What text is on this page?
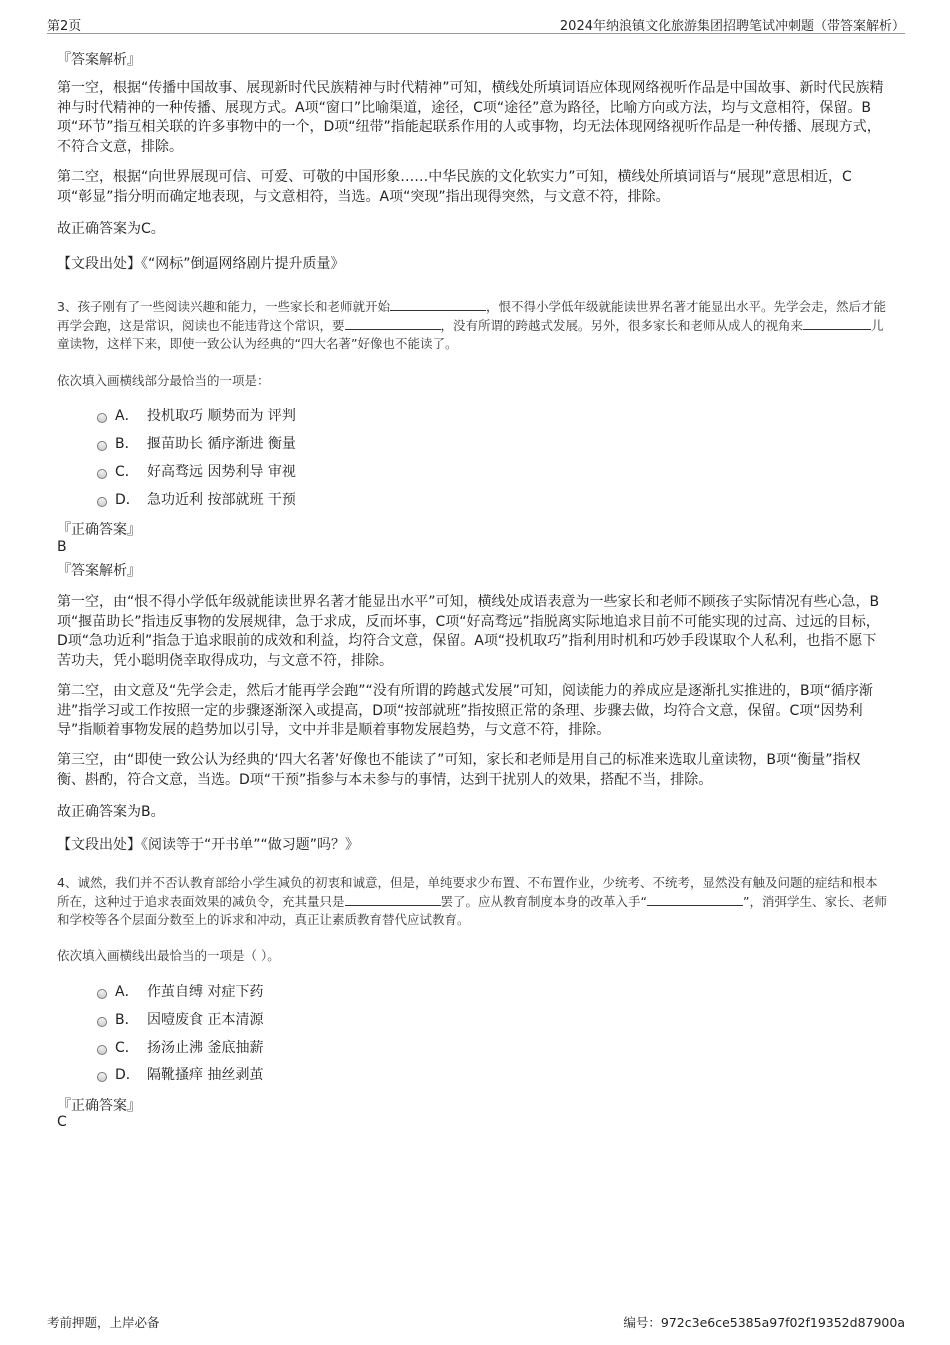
第2页	2024年纳浪镇文化旅游集团招聘笔试冲刺题（带答案解析）
『答案解析』
第一空，根据“传播中国故事、展现新时代民族精神与时代精神”可知，横线处所填词语应体现网络视听作品是中国故事、新时代民族精神与时代精神的一种传播、展现方式。A项“窗口”比喻渠道，途径，C项“途径”意为路径，比喻方向或方法，均与文意相符，保留。B项“环节”指互相关联的许多事物中的一个，D项“纽带”指能起联系作用的人或事物，均无法体现网络视听作品是一种传播、展现方式，不符合文意，排除。
第二空，根据“向世界展现可信、可爱、可敬的中国形象……中华民族的文化软实力”可知，横线处所填词语与“展现”意思相近，C项“彰显”指分明而确定地表现，与文意相符，当选。A项“突现”指出现得突然，与文意不符，排除。
故正确答案为C。
【文段出处】《“网标”倒逼网络剧片提升质量》
3、孩子刚有了一些阅读兴趣和能力，一些家长和老师就开始	，恨不得小学低年级就能读世界名著才能显出水平。先学会走，然后才能再学会跑，这是常识，阅读也不能违背这个常识，要	，没有所谓的跨越式发展。另外，很多家长和老师从成人的视角来	儿童读物，这样下来，即使一致公认为经典的“四大名著”好像也不能读了。
依次填入画横线部分最恰当的一项是：
A． 投机取巧 顺势而为 评判
B． 揠苗助长 循序渐进 衡量
C． 好高骛远 因势利导 审视
D． 急功近利 按部就班 干预
『正确答案』
B
『答案解析』
第一空，由“恨不得小学低年级就能读世界名著才能显出水平”可知，横线处成语表意为一些家长和老师不顾孩子实际情况有些心急，B项“揠苗助长”指违反事物的发展规律，急于求成，反而坏事，C项“好高骛远”指脱离实际地追求目前不可能实现的过高、过远的目标，D项“急功近利”指急于追求眼前的成效和利益，均符合文意，保留。A项“投机取巧”指利用时机和巧妙手段谋取个人私利，也指不愿下苦功夫，凭小聪明侥幸取得成功，与文意不符，排除。
第二空，由文意及“先学会走，然后才能再学会跑”“没有所谓的跨越式发展”可知，阅读能力的养成应是逐渐扎实推进的，B项“循序渐进”指学习或工作按照一定的步骤逐渐深入或提高，D项“按部就班”指按照正常的条理、步骤去做，均符合文意，保留。C项“因势利导”指顺着事物发展的趋势加以引导，文中并非是顺着事物发展趋势，与文意不符，排除。
第三空，由“即使一致公认为经典的‘四大名著’好像也不能读了”可知，家长和老师是用自己的标准来选取儿童读物，B项“衡量”指权衡、斟酌，符合文意，当选。D项“干预”指参与本未参与的事情，达到干扰别人的效果，搭配不当，排除。
故正确答案为B。
【文段出处】《阅读等于“开书单”“做习题”吗？》
4、诚然，我们并不否认教育部给小学生减负的初衷和诚意，但是，单纯要求少布置、不布置作业，少统考、不统考，显然没有触及问题的症结和根本所在，这种过于追求表面效果的减负令，充其量只是	罢了。应从教育制度本身的改革入手“	”，消弭学生、家长、老师和学校等各个层面分数至上的诉求和冲动，真正让素质教育替代应试教育。
依次填入画横线出最恰当的一项是（ ）。
A． 作茧自缚 对症下药
B． 因噎废食 正本清源
C． 扬汤止沸 釜底抽薪
D． 隔靴搔痒 抽丝剥茧
『正确答案』
C
考前押题，上岸必备	编号：972c3e6ce5385a97f02f19352d87900a
